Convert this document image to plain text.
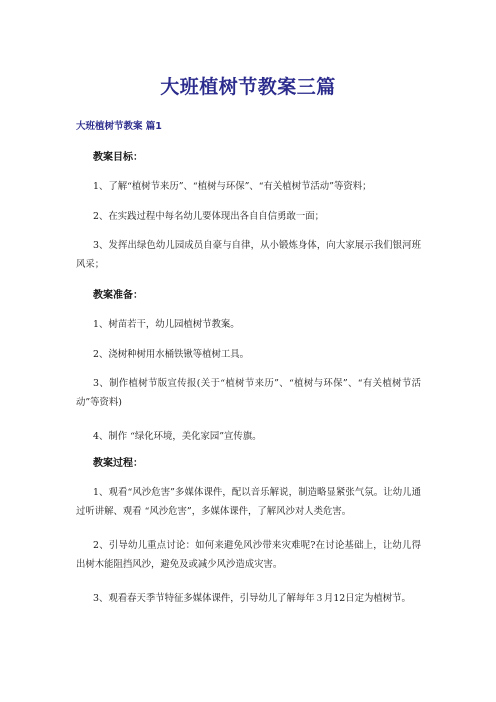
大班植树节教案三篇
大班植树节教案 篇1
教案目标：
1、了解“植树节来历”、“植树与环保”、“有关植树节活动”等资料；
2、在实践过程中每名幼儿要体现出各自自信勇敢一面；
3、发挥出绿色幼儿园成员自豪与自律，从小锻炼身体，向大家展示我们银河班风采；
教案准备：
1、树苗若干，幼儿园植树节教案。
2、浇树种树用水桶铁锹等植树工具。
3、制作植树节版宣传报(关于“植树节来历”、“植树与环保”、“有关植树节活动”等资料)
4、制作 “绿化环境，美化家园”宣传旗。
教案过程：
1、观看“风沙危害”多媒体课件，配以音乐解说，制造略显紧张气氛。让幼儿通过听讲解、观看 “风沙危害”，多媒体课件，了解风沙对人类危害。
2、引导幼儿重点讨论：如何来避免风沙带来灾难呢?在讨论基础上，让幼儿得出树木能阻挡风沙，避免及或减少风沙造成灾害。
3、观看春天季节特征多媒体课件，引导幼儿了解每年３月12日定为植树节。
